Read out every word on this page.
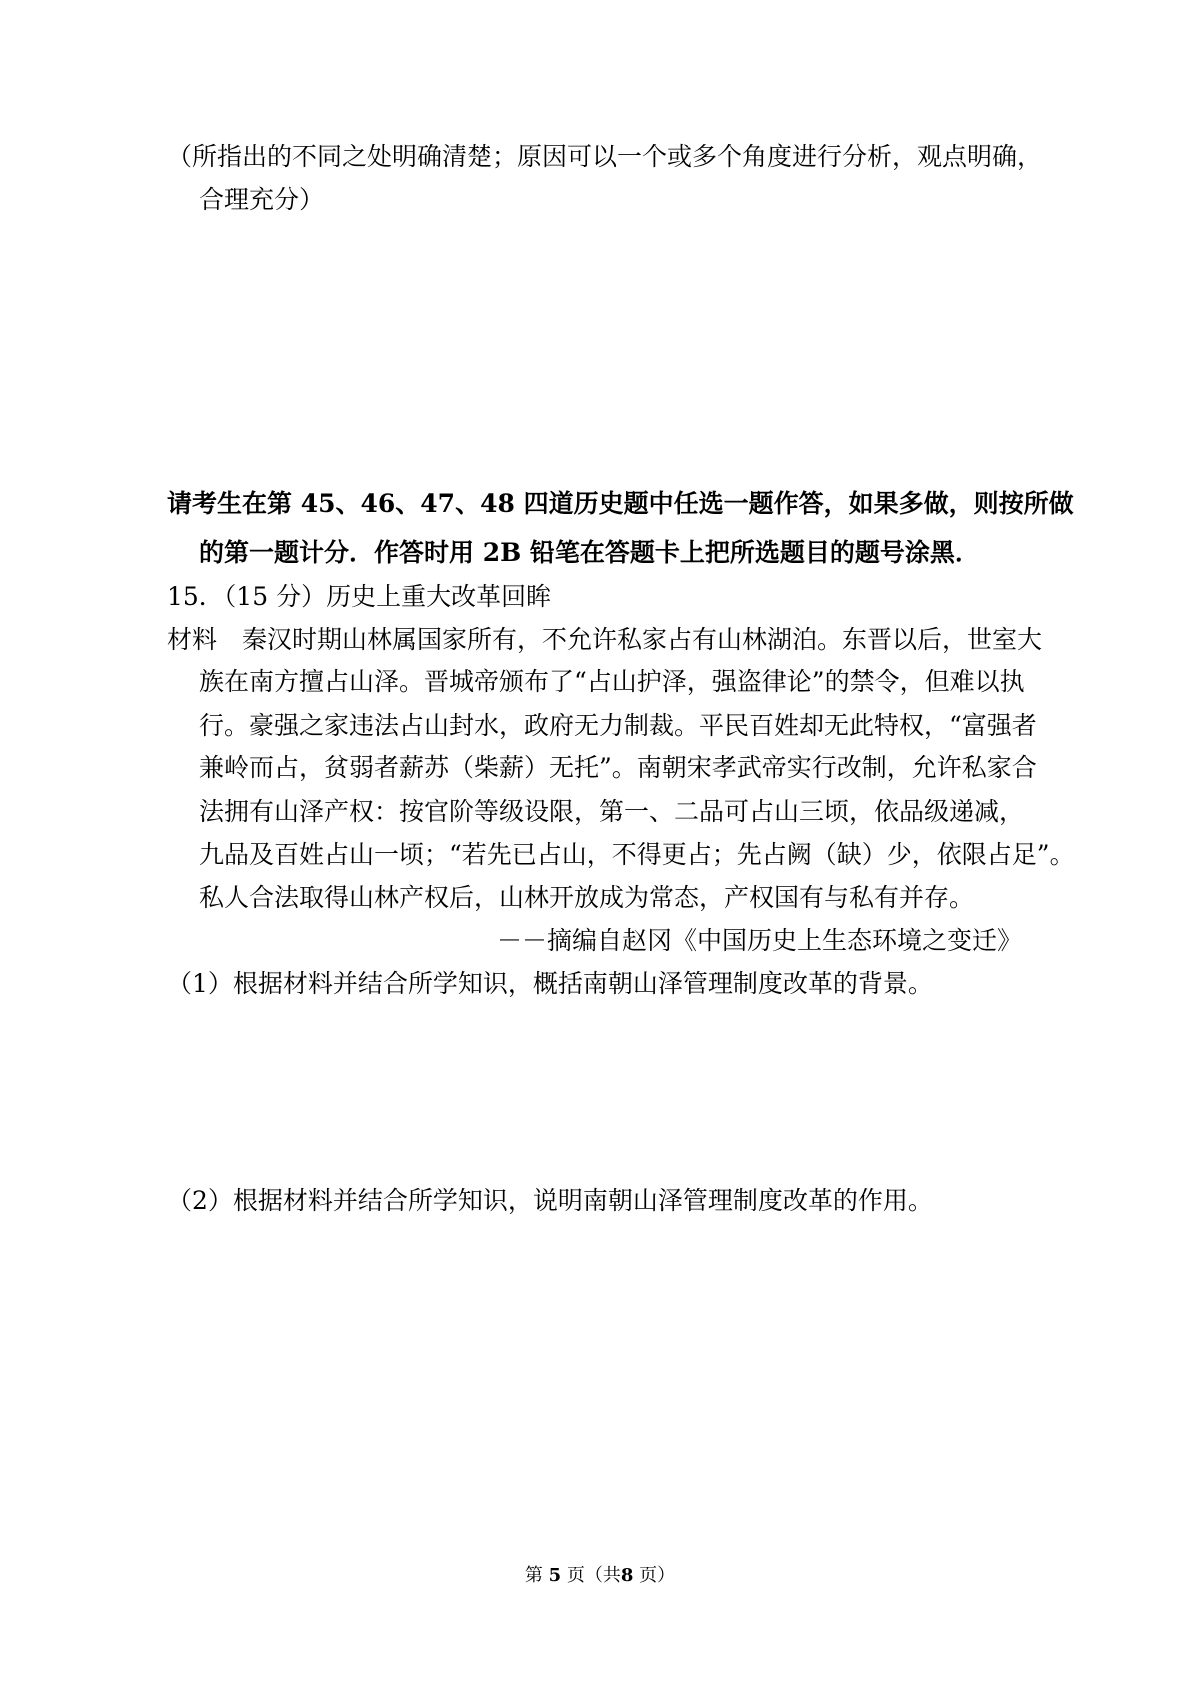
（所指出的不同之处明确清楚；原因可以一个或多个角度进行分析，观点明确，

合理充分）

请考生在第 45、46、47、48 四道历史题中任选一题作答，如果多做，则按所做

的第一题计分．作答时用 2B 铅笔在答题卡上把所选题目的题号涂黑．

15．（15 分）历史上重大改革回眸

材料　秦汉时期山林属国家所有，不允许私家占有山林湖泊。东晋以后，世室大

族在南方擅占山泽。晋城帝颁布了“占山护泽，强盗律论”的禁令，但难以执

行。豪强之家违法占山封水，政府无力制裁。平民百姓却无此特权，“富强者

兼岭而占，贫弱者薪苏（柴薪）无托”。南朝宋孝武帝实行改制，允许私家合

法拥有山泽产权：按官阶等级设限，第一、二品可占山三顷，依品级递减，

九品及百姓占山一顷；“若先已占山，不得更占；先占阙（缺）少，依限占足”。

私人合法取得山林产权后，山林开放成为常态，产权国有与私有并存。

－－摘编自赵冈《中国历史上生态环境之变迁》

（1）根据材料并结合所学知识，概括南朝山泽管理制度改革的背景。

（2）根据材料并结合所学知识，说明南朝山泽管理制度改革的作用。

第 5 页（共8 页）
